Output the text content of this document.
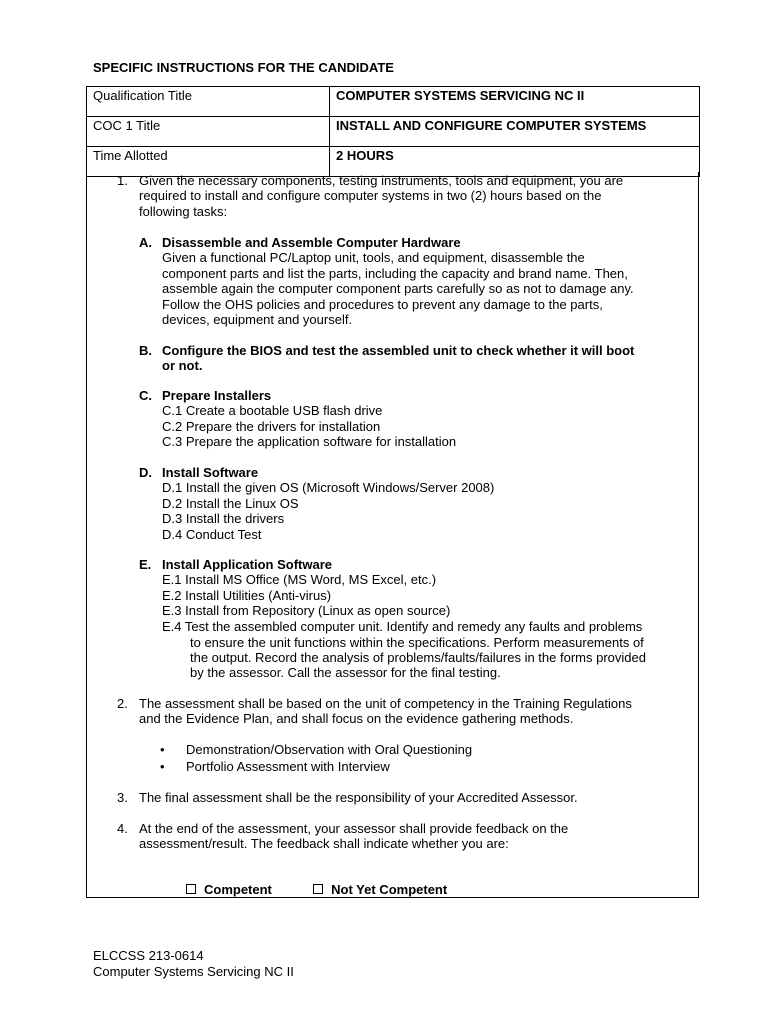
SPECIFIC INSTRUCTIONS FOR THE CANDIDATE
Qualification Title	COMPUTER SYSTEMS SERVICING NC II
COC 1 Title	INSTALL AND CONFIGURE COMPUTER SYSTEMS
Time Allotted	2 HOURS
1. Given the necessary components, testing instruments, tools and equipment, you are
required to install and configure computer systems in two (2) hours based on the
following tasks:
A. Disassemble and Assemble Computer Hardware
Given a functional PC/Laptop unit, tools, and equipment, disassemble the
component parts and list the parts, including the capacity and brand name. Then,
assemble again the computer component parts carefully so as not to damage any.
Follow the OHS policies and procedures to prevent any damage to the parts,
devices, equipment and yourself.
B. Configure the BIOS and test the assembled unit to check whether it will boot
or not.
C. Prepare Installers
C.1 Create a bootable USB flash drive
C.2 Prepare the drivers for installation
C.3 Prepare the application software for installation
D. Install Software
D.1 Install the given OS (Microsoft Windows/Server 2008)
D.2 Install the Linux OS
D.3 Install the drivers
D.4 Conduct Test
E. Install Application Software
E.1 Install MS Office (MS Word, MS Excel, etc.)
E.2 Install Utilities (Anti-virus)
E.3 Install from Repository (Linux as open source)
E.4 Test the assembled computer unit. Identify and remedy any faults and problems
to ensure the unit functions within the specifications. Perform measurements of
the output. Record the analysis of problems/faults/failures in the forms provided
by the assessor. Call the assessor for the final testing.
2. The assessment shall be based on the unit of competency in the Training Regulations
and the Evidence Plan, and shall focus on the evidence gathering methods.
• Demonstration/Observation with Oral Questioning
• Portfolio Assessment with Interview
3. The final assessment shall be the responsibility of your Accredited Assessor.
4. At the end of the assessment, your assessor shall provide feedback on the
assessment/result. The feedback shall indicate whether you are:
Competent	Not Yet Competent
ELCCSS 213-0614
Computer Systems Servicing NC II
